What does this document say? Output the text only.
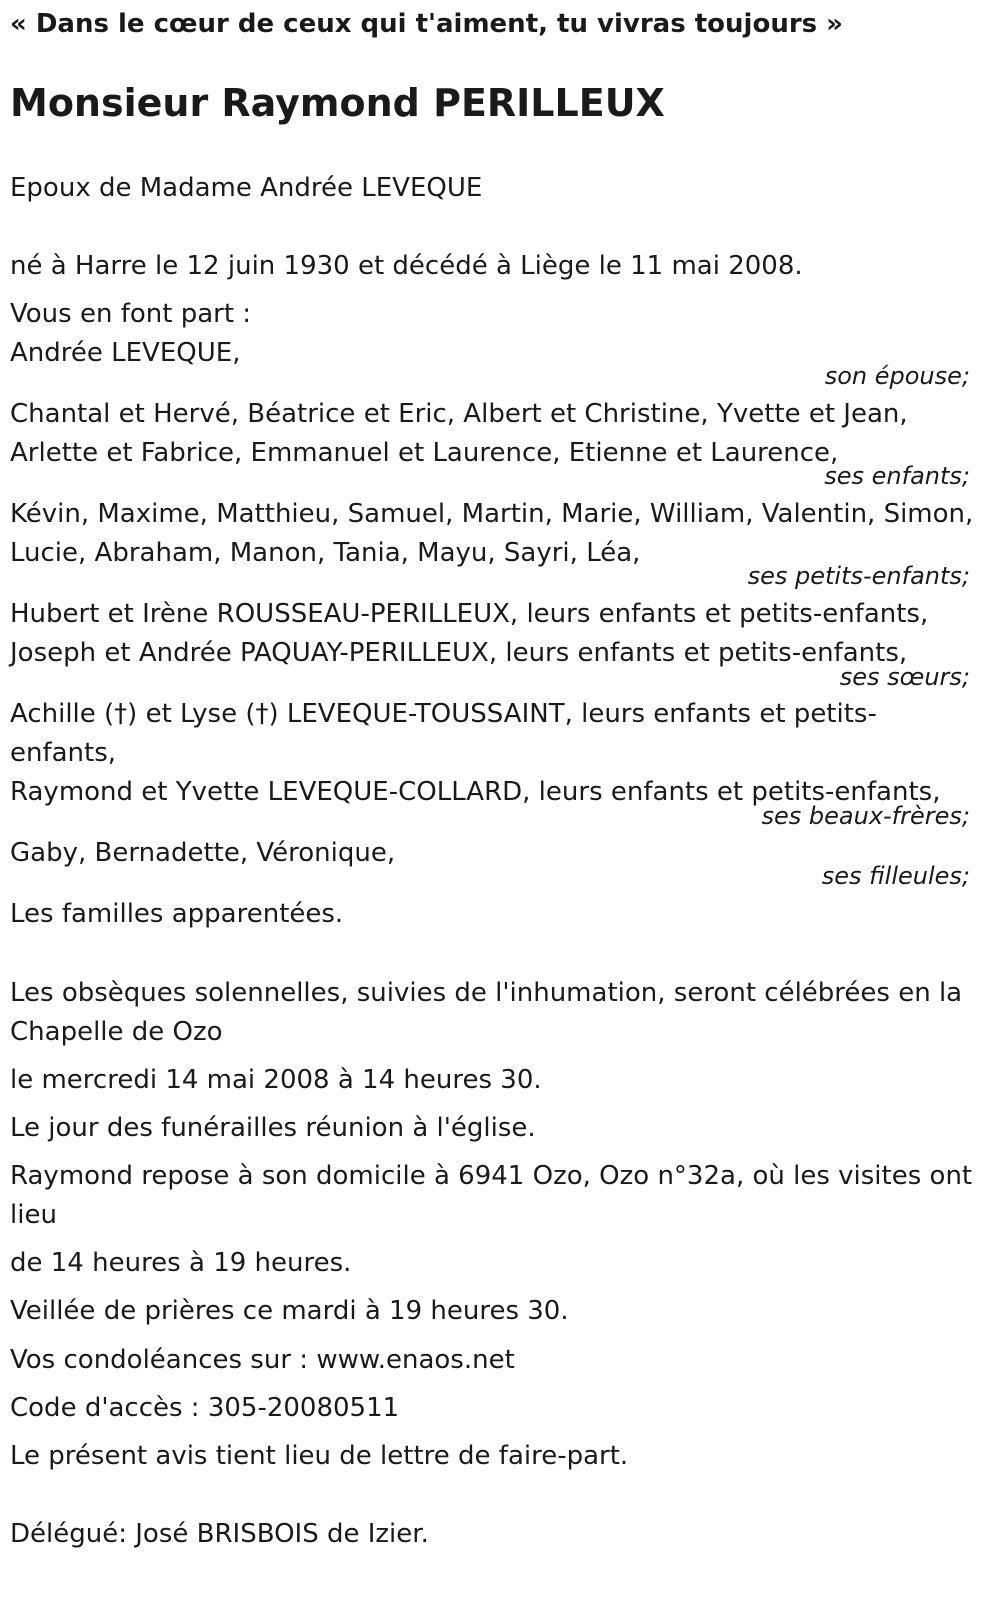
« Dans le cœur de ceux qui t'aiment, tu vivras toujours »
Monsieur Raymond PERILLEUX
Epoux de Madame Andrée LEVEQUE
né à Harre le 12 juin 1930 et décédé à Liège le 11 mai 2008.
Vous en font part :
Andrée LEVEQUE,
son épouse;
Chantal et Hervé, Béatrice et Eric, Albert et Christine, Yvette et Jean,
Arlette et Fabrice, Emmanuel et Laurence, Etienne et Laurence,
ses enfants;
Kévin, Maxime, Matthieu, Samuel, Martin, Marie, William, Valentin, Simon,
Lucie, Abraham, Manon, Tania, Mayu, Sayri, Léa,
ses petits-enfants;
Hubert et Irène ROUSSEAU-PERILLEUX, leurs enfants et petits-enfants,
Joseph et Andrée PAQUAY-PERILLEUX, leurs enfants et petits-enfants,
ses sœurs;
Achille (†) et Lyse (†) LEVEQUE-TOUSSAINT, leurs enfants et petits-
enfants,
Raymond et Yvette LEVEQUE-COLLARD, leurs enfants et petits-enfants,
ses beaux-frères;
Gaby, Bernadette, Véronique,
ses filleules;
Les familles apparentées.
Les obsèques solennelles, suivies de l'inhumation, seront célébrées en la
Chapelle de Ozo
le mercredi 14 mai 2008 à 14 heures 30.
Le jour des funérailles réunion à l'église.
Raymond repose à son domicile à 6941 Ozo, Ozo n°32a, où les visites ont
lieu
de 14 heures à 19 heures.
Veillée de prières ce mardi à 19 heures 30.
Vos condoléances sur : www.enaos.net
Code d'accès : 305-20080511
Le présent avis tient lieu de lettre de faire-part.
Délégué: José BRISBOIS de Izier.
